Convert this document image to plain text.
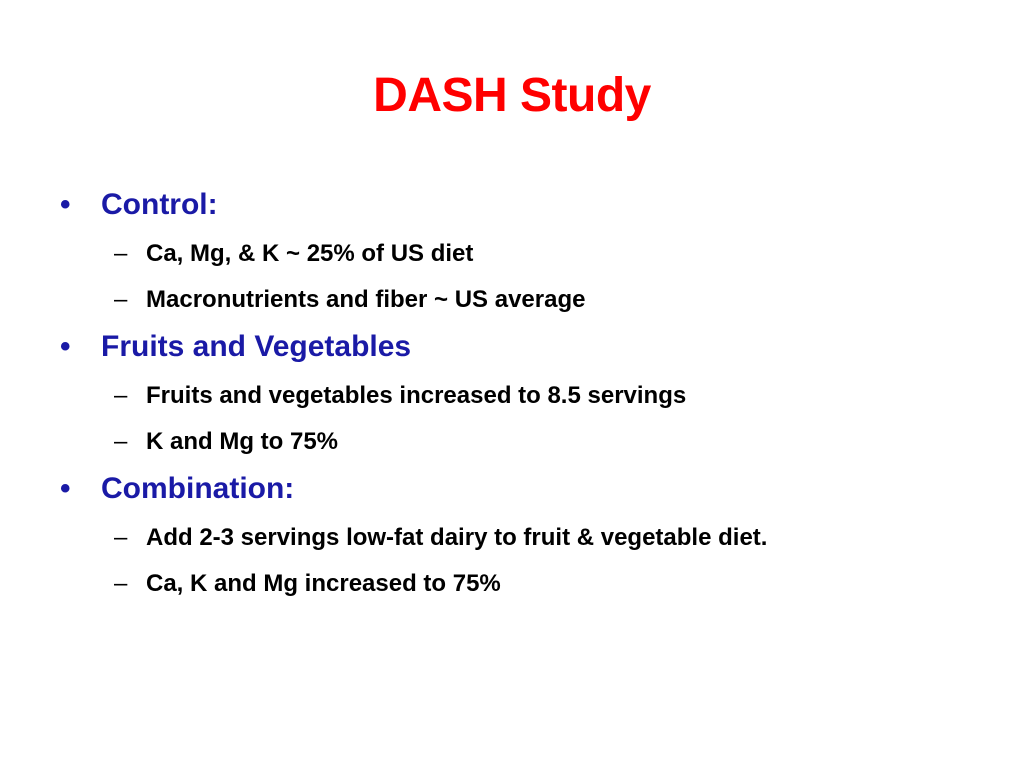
DASH Study
• Control:
– Ca, Mg, & K ~ 25% of US diet
– Macronutrients and fiber ~ US average
• Fruits and Vegetables
– Fruits and vegetables increased to 8.5 servings
– K and Mg to 75%
• Combination:
– Add 2-3 servings low-fat dairy to fruit & vegetable diet.
– Ca, K and Mg increased to 75%
